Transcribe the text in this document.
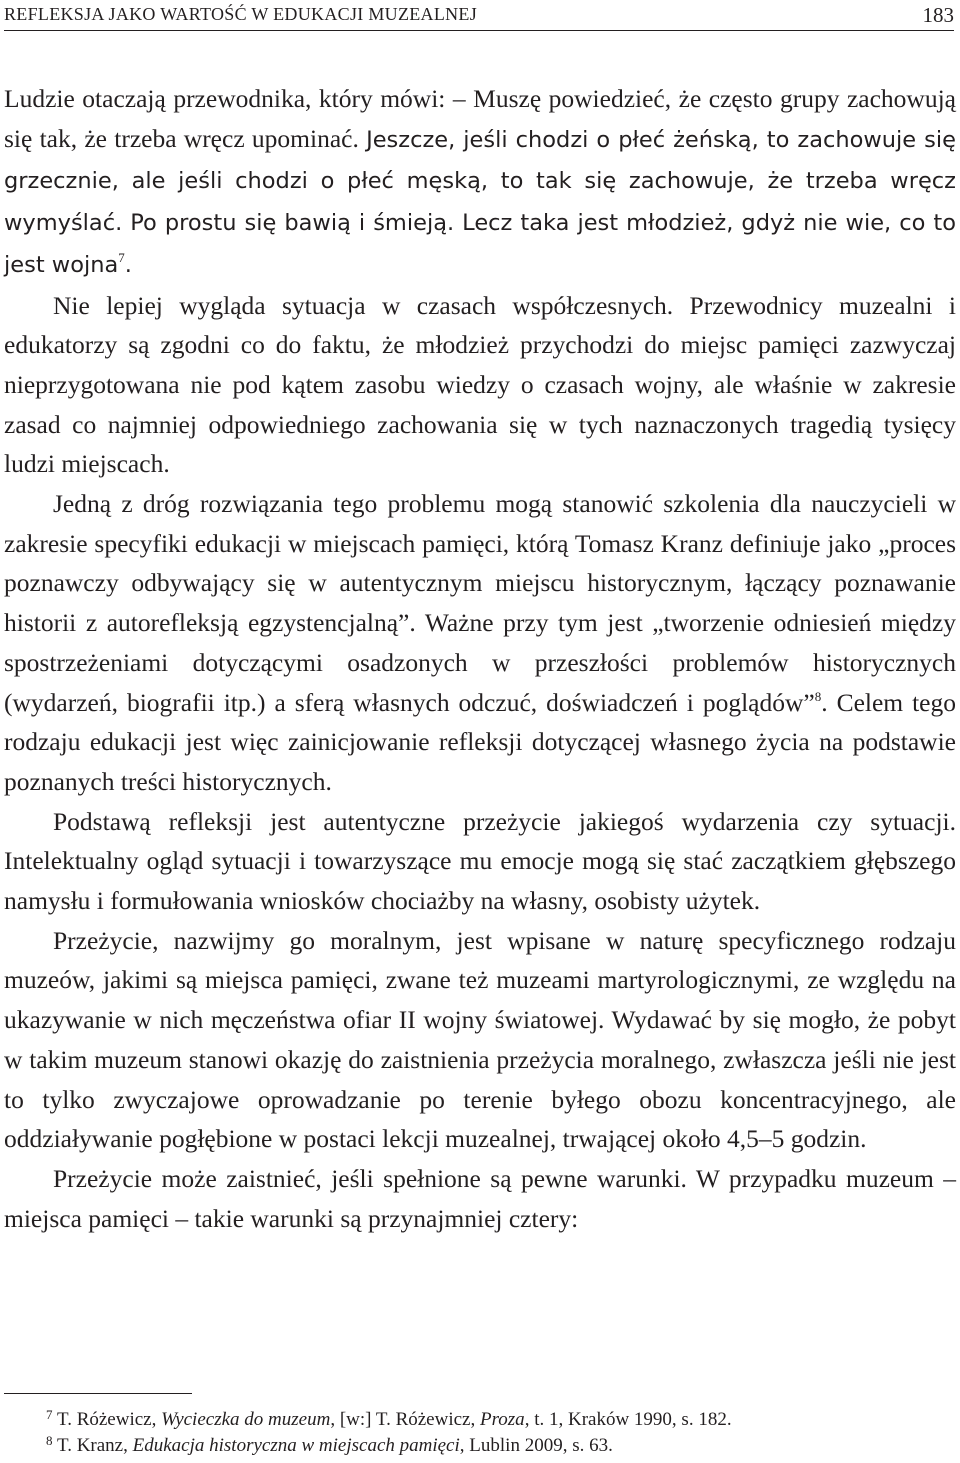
REFLEKSJA JAKO WARTOŚĆ W EDUKACJI MUZEALNEJ	183

Ludzie otaczają przewodnika, który mówi: – Muszę powiedzieć, że często grupy zachowują się tak, że trzeba wręcz upominać. Jeszcze, jeśli chodzi o płeć żeńską, to zachowuje się grzecznie, ale jeśli chodzi o płeć męską, to tak się zachowuje, że trzeba wręcz wymyślać. Po prostu się bawią i śmieją. Lecz taka jest młodzież, gdyż nie wie, co to jest wojna$^7$.

Nie lepiej wygląda sytuacja w czasach współczesnych. Przewodnicy muzealni i edukatorzy są zgodni co do faktu, że młodzież przychodzi do miejsc pamięci zazwyczaj nieprzygotowana nie pod kątem zasobu wiedzy o czasach wojny, ale właśnie w zakresie zasad co najmniej odpowiedniego zachowania się w tych naznaczonych tragedią tysięcy ludzi miejscach.

Jedną z dróg rozwiązania tego problemu mogą stanowić szkolenia dla nauczycieli w zakresie specyfiki edukacji w miejscach pamięci, którą Tomasz Kranz definiuje jako „proces poznawczy odbywający się w autentycznym miejscu historycznym, łączący poznawanie historii z autorefleksją egzystencjalną”. Ważne przy tym jest „tworzenie odniesień między spostrzeżeniami dotyczącymi osadzonych w przeszłości problemów historycznych (wydarzeń, biografii itp.) a sferą własnych odczuć, doświadczeń i poglądów”$^8$. Celem tego rodzaju edukacji jest więc zainicjowanie refleksji dotyczącej własnego życia na podstawie poznanych treści historycznych.

Podstawą refleksji jest autentyczne przeżycie jakiegoś wydarzenia czy sytuacji. Intelektualny ogląd sytuacji i towarzyszące mu emocje mogą się stać zaczątkiem głębszego namysłu i formułowania wniosków chociażby na własny, osobisty użytek.

Przeżycie, nazwijmy go moralnym, jest wpisane w naturę specyficznego rodzaju muzeów, jakimi są miejsca pamięci, zwane też muzeami martyrologicznymi, ze względu na ukazywanie w nich męczeństwa ofiar II wojny światowej. Wydawać by się mogło, że pobyt w takim muzeum stanowi okazję do zaistnienia przeżycia moralnego, zwłaszcza jeśli nie jest to tylko zwyczajowe oprowadzanie po terenie byłego obozu koncentracyjnego, ale oddziaływanie pogłębione w postaci lekcji muzealnej, trwającej około 4,5–5 godzin.

Przeżycie może zaistnieć, jeśli spełnione są pewne warunki. W przypadku muzeum – miejsca pamięci – takie warunki są przynajmniej cztery:

7 T. Różewicz, Wycieczka do muzeum, [w:] T. Różewicz, Proza, t. 1, Kraków 1990, s. 182.
8 T. Kranz, Edukacja historyczna w miejscach pamięci, Lublin 2009, s. 63.
